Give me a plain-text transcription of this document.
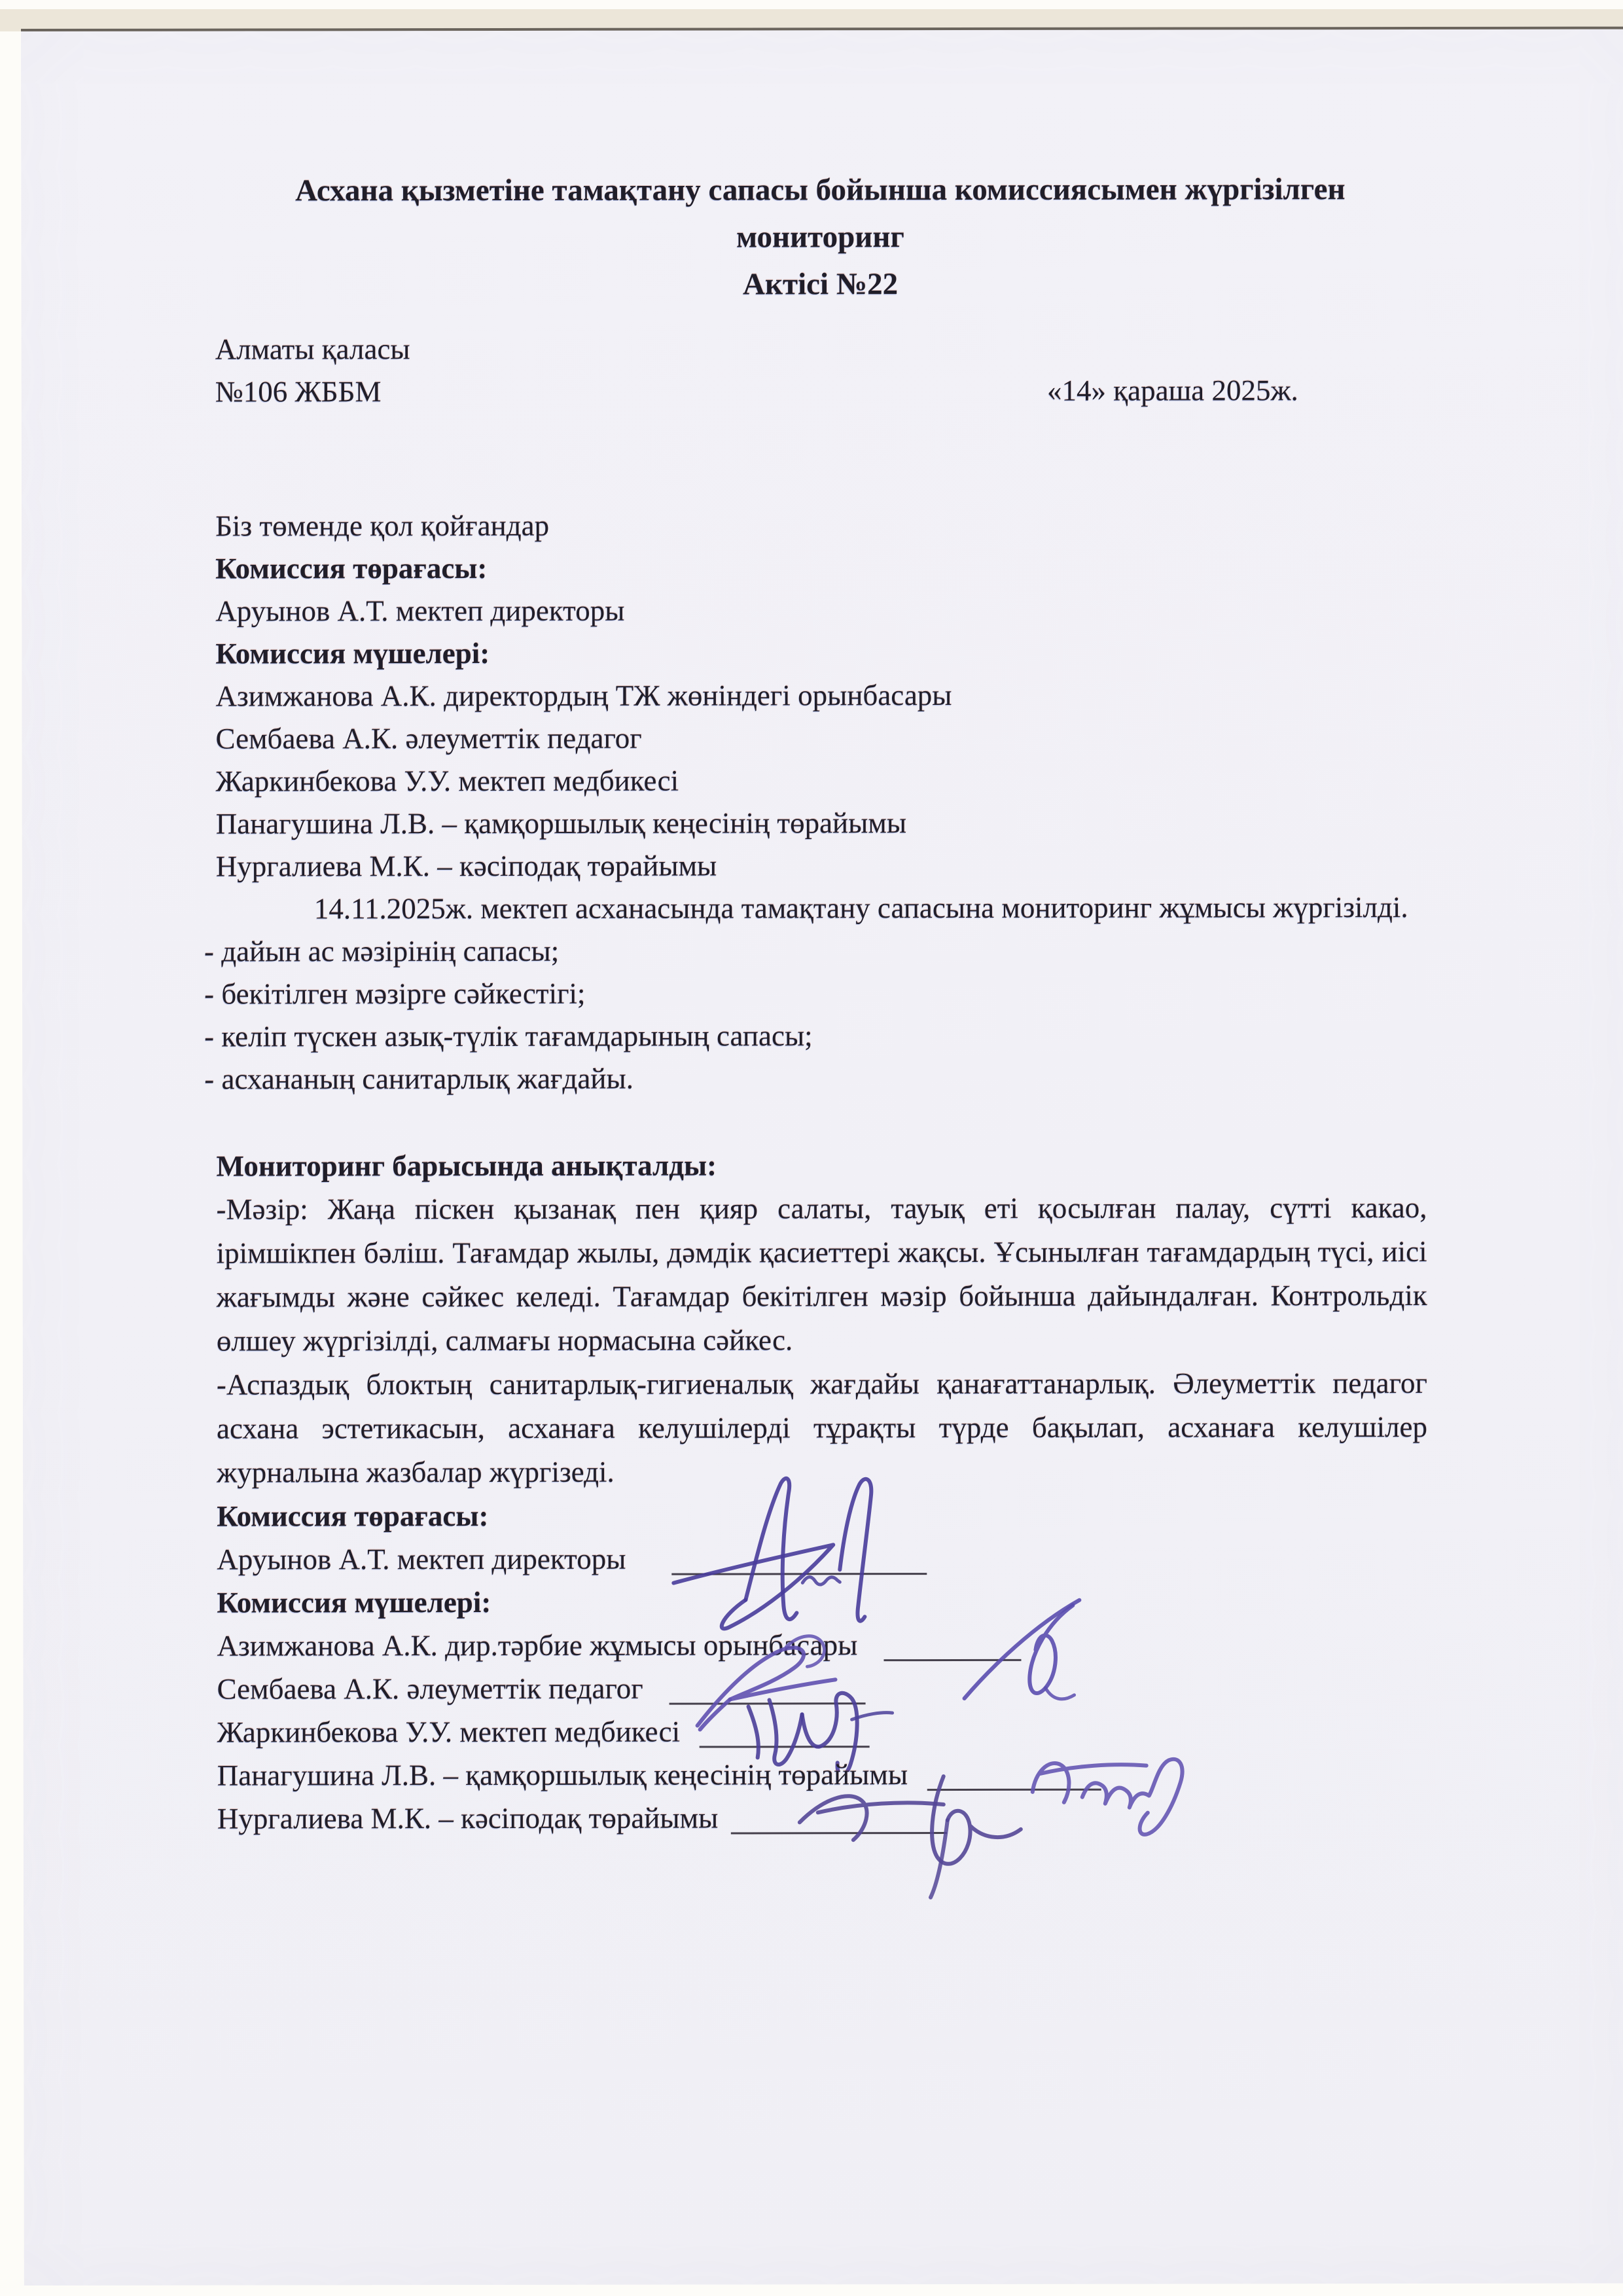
Асхана қызметіне тамақтану сапасы бойынша комиссиясымен жүргізілген
мониторинг
Актісі №22
Алматы қаласы
№106 ЖББМ	«14» қараша 2025ж.
Біз төменде қол қойғандар
Комиссия төрағасы:
Аруынов А.Т. мектеп директоры
Комиссия мүшелері:
Азимжанова А.К. директордың ТЖ жөніндегі орынбасары
Сембаева А.К. әлеуметтік педагог
Жаркинбекова У.У. мектеп медбикесі
Панагушина Л.В. – қамқоршылық кеңесінің төрайымы
Нургалиева М.К. – кәсіподақ төрайымы
14.11.2025ж. мектеп асханасында тамақтану сапасына мониторинг жұмысы жүргізілді.
- дайын ас мәзірінің сапасы;
- бекітілген мәзірге сәйкестігі;
- келіп түскен азық-түлік тағамдарының сапасы;
- асхананың санитарлық жағдайы.
Мониторинг барысында анықталды:
-Мәзір: Жаңа піскен қызанақ пен қияр салаты, тауық еті қосылған палау, сүтті какао, ірімшікпен бәліш. Тағамдар жылы, дәмдік қасиеттері жақсы. Ұсынылған тағамдардың түсі, иісі жағымды және сәйкес келеді. Тағамдар бекітілген мәзір бойынша дайындалған. Контрольдік өлшеу жүргізілді, салмағы нормасына сәйкес.
-Аспаздық блоктың санитарлық-гигиеналық жағдайы қанағаттанарлық. Әлеуметтік педагог асхана эстетикасын, асханаға келушілерді тұрақты түрде бақылап, асханаға келушілер журналына жазбалар жүргізеді.
Комиссия төрағасы:
Аруынов А.Т. мектеп директоры
Комиссия мүшелері:
Азимжанова А.К. дир.тәрбие жұмысы орынбасары
Сембаева А.К. әлеуметтік педагог
Жаркинбекова У.У. мектеп медбикесі
Панагушина Л.В. – қамқоршылық кеңесінің төрайымы
Нургалиева М.К. – кәсіподақ төрайымы
